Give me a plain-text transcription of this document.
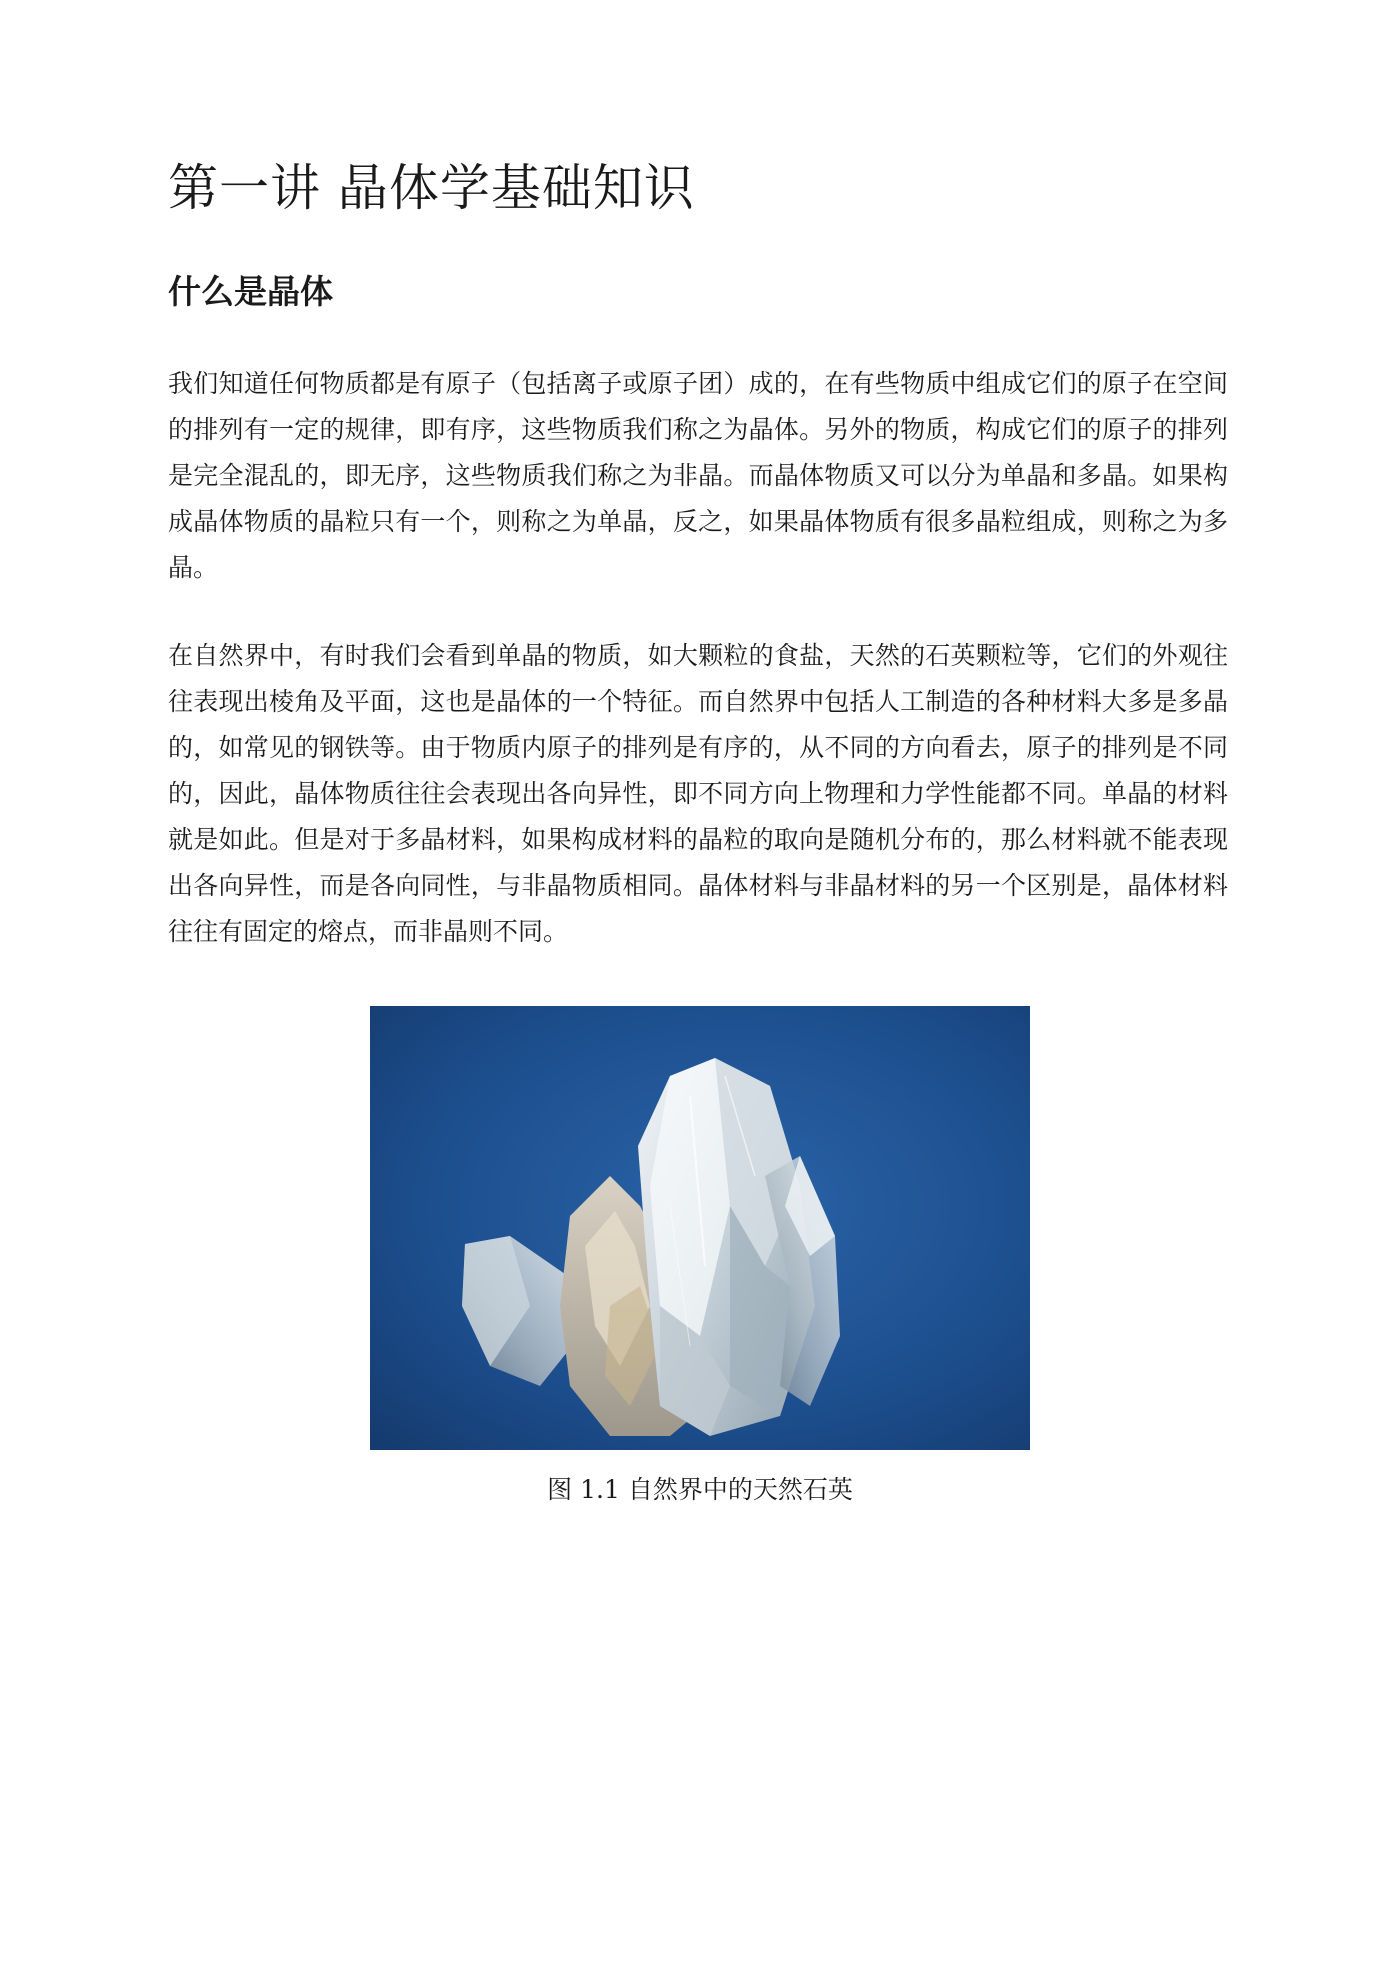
第一讲 晶体学基础知识
什么是晶体

我们知道任何物质都是有原子（包括离子或原子团）成的，在有些物质中组成它们的原子在空间的排列有一定的规律，即有序，这些物质我们称之为晶体。另外的物质，构成它们的原子的排列是完全混乱的，即无序，这些物质我们称之为非晶。而晶体物质又可以分为单晶和多晶。如果构成晶体物质的晶粒只有一个，则称之为单晶，反之，如果晶体物质有很多晶粒组成，则称之为多晶。

在自然界中，有时我们会看到单晶的物质，如大颗粒的食盐，天然的石英颗粒等，它们的外观往往表现出棱角及平面，这也是晶体的一个特征。而自然界中包括人工制造的各种材料大多是多晶的，如常见的钢铁等。由于物质内原子的排列是有序的，从不同的方向看去，原子的排列是不同的，因此，晶体物质往往会表现出各向异性，即不同方向上物理和力学性能都不同。单晶的材料就是如此。但是对于多晶材料，如果构成材料的晶粒的取向是随机分布的，那么材料就不能表现出各向异性，而是各向同性，与非晶物质相同。晶体材料与非晶材料的另一个区别是，晶体材料往往有固定的熔点，而非晶则不同。

图 1.1 自然界中的天然石英
